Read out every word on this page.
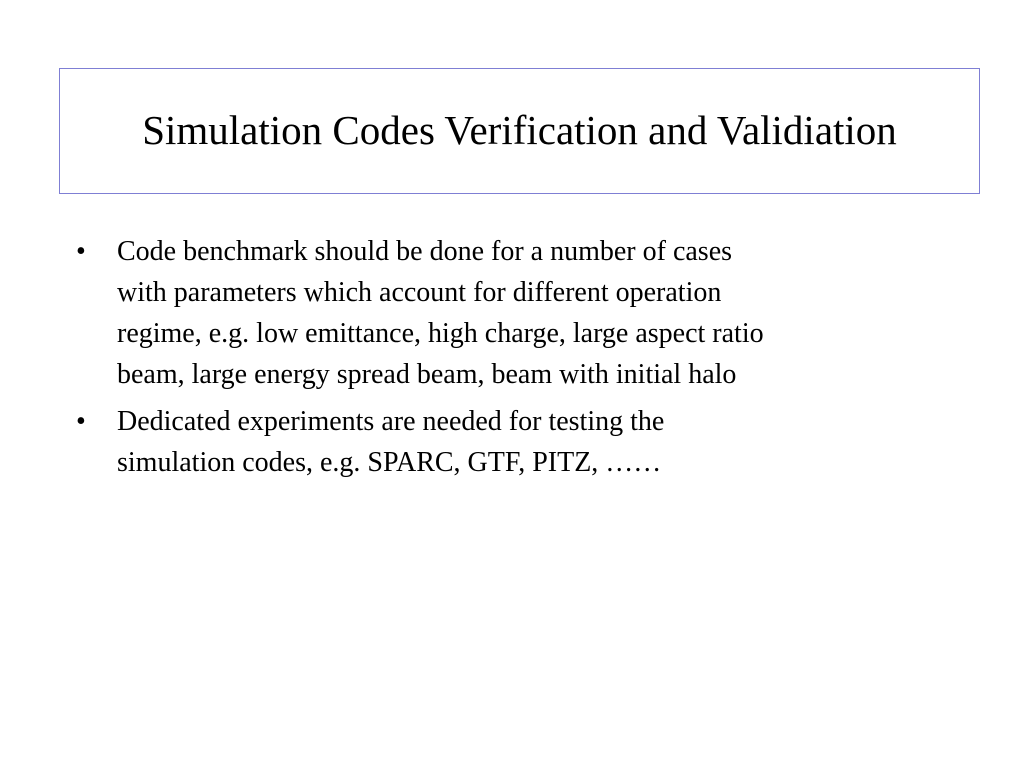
Simulation Codes Verification and Validiation
•	Code benchmark should be done for a number of cases
with parameters which account for different operation
regime, e.g. low emittance, high charge, large aspect ratio
beam, large energy spread beam, beam with initial halo
•	Dedicated experiments are needed for testing the
simulation codes, e.g. SPARC, GTF, PITZ, ……
